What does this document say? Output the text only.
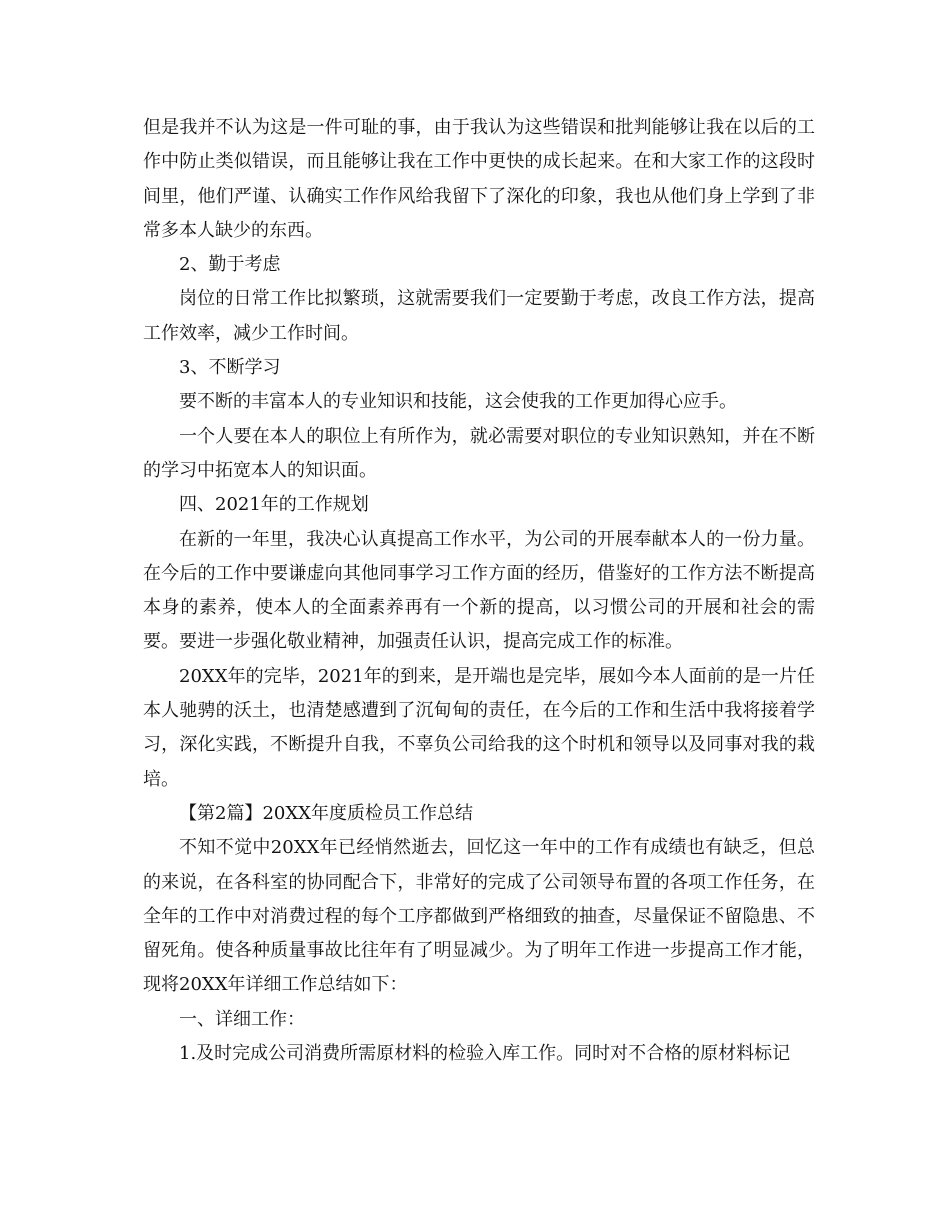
但是我并不认为这是一件可耻的事，由于我认为这些错误和批判能够让我在以后的工作中防止类似错误，而且能够让我在工作中更快的成长起来。在和大家工作的这段时间里，他们严谨、认确实工作作风给我留下了深化的印象，我也从他们身上学到了非常多本人缺少的东西。

2、勤于考虑

岗位的日常工作比拟繁琐，这就需要我们一定要勤于考虑，改良工作方法，提高工作效率，减少工作时间。

3、不断学习

要不断的丰富本人的专业知识和技能，这会使我的工作更加得心应手。

一个人要在本人的职位上有所作为，就必需要对职位的专业知识熟知，并在不断的学习中拓宽本人的知识面。

四、2021年的工作规划

在新的一年里，我决心认真提高工作水平，为公司的开展奉献本人的一份力量。在今后的工作中要谦虚向其他同事学习工作方面的经历，借鉴好的工作方法不断提高本身的素养，使本人的全面素养再有一个新的提高，以习惯公司的开展和社会的需要。要进一步强化敬业精神，加强责任认识，提高完成工作的标准。

20XX年的完毕，2021年的到来，是开端也是完毕，展如今本人面前的是一片任本人驰骋的沃土，也清楚感遭到了沉甸甸的责任，在今后的工作和生活中我将接着学习，深化实践，不断提升自我，不辜负公司给我的这个时机和领导以及同事对我的栽培。

【第2篇】20XX年度质检员工作总结

不知不觉中20XX年已经悄然逝去，回忆这一年中的工作有成绩也有缺乏，但总的来说，在各科室的协同配合下，非常好的完成了公司领导布置的各项工作任务，在全年的工作中对消费过程的每个工序都做到严格细致的抽查，尽量保证不留隐患、不留死角。使各种质量事故比往年有了明显减少。为了明年工作进一步提高工作才能，现将20XX年详细工作总结如下：

一、详细工作：

1.及时完成公司消费所需原材料的检验入库工作。同时对不合格的原材料标记
